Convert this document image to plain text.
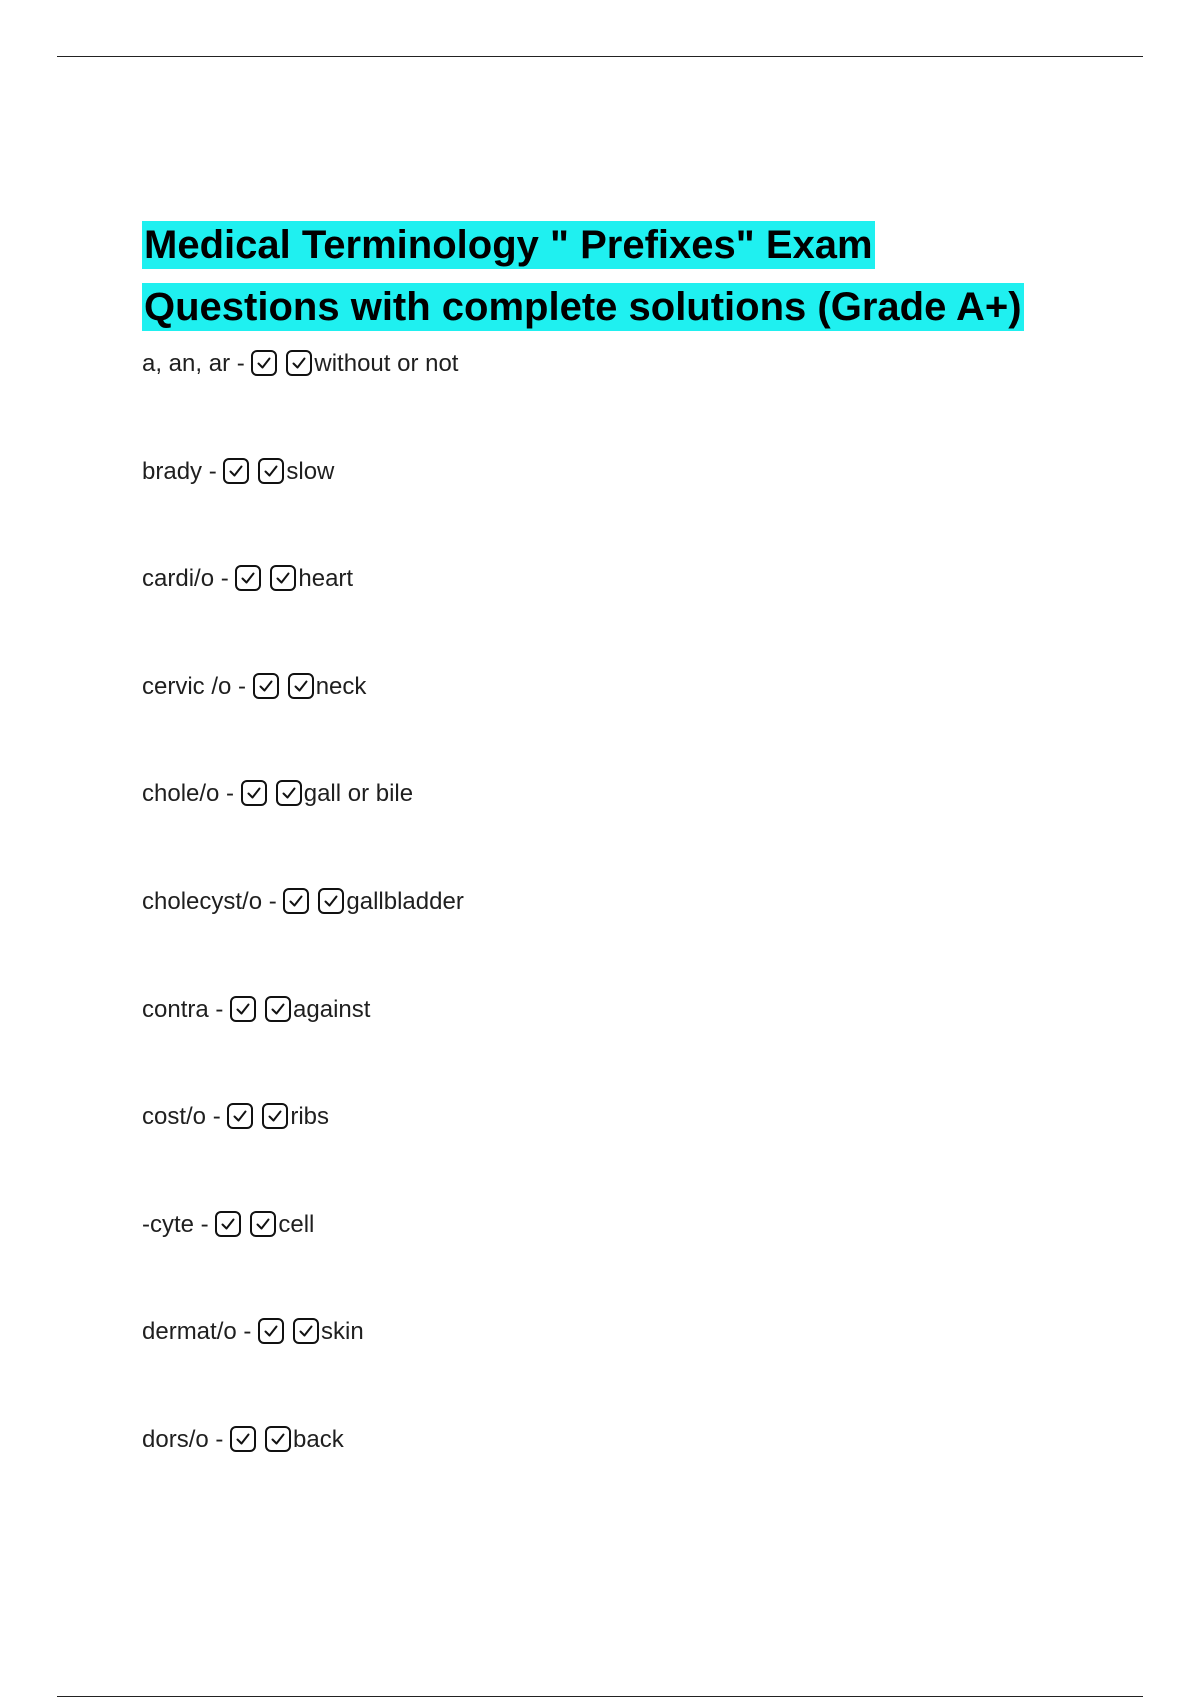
Medical Terminology " Prefixes" Exam
Questions with complete solutions (Grade A+)
a, an, ar -	without or not
brady -	slow
cardi/o -	heart
cervic /o -	neck
chole/o -	gall or bile
cholecyst/o -	gallbladder
contra -	against
cost/o -	ribs
-cyte -	cell
dermat/o -	skin
dors/o -	back
